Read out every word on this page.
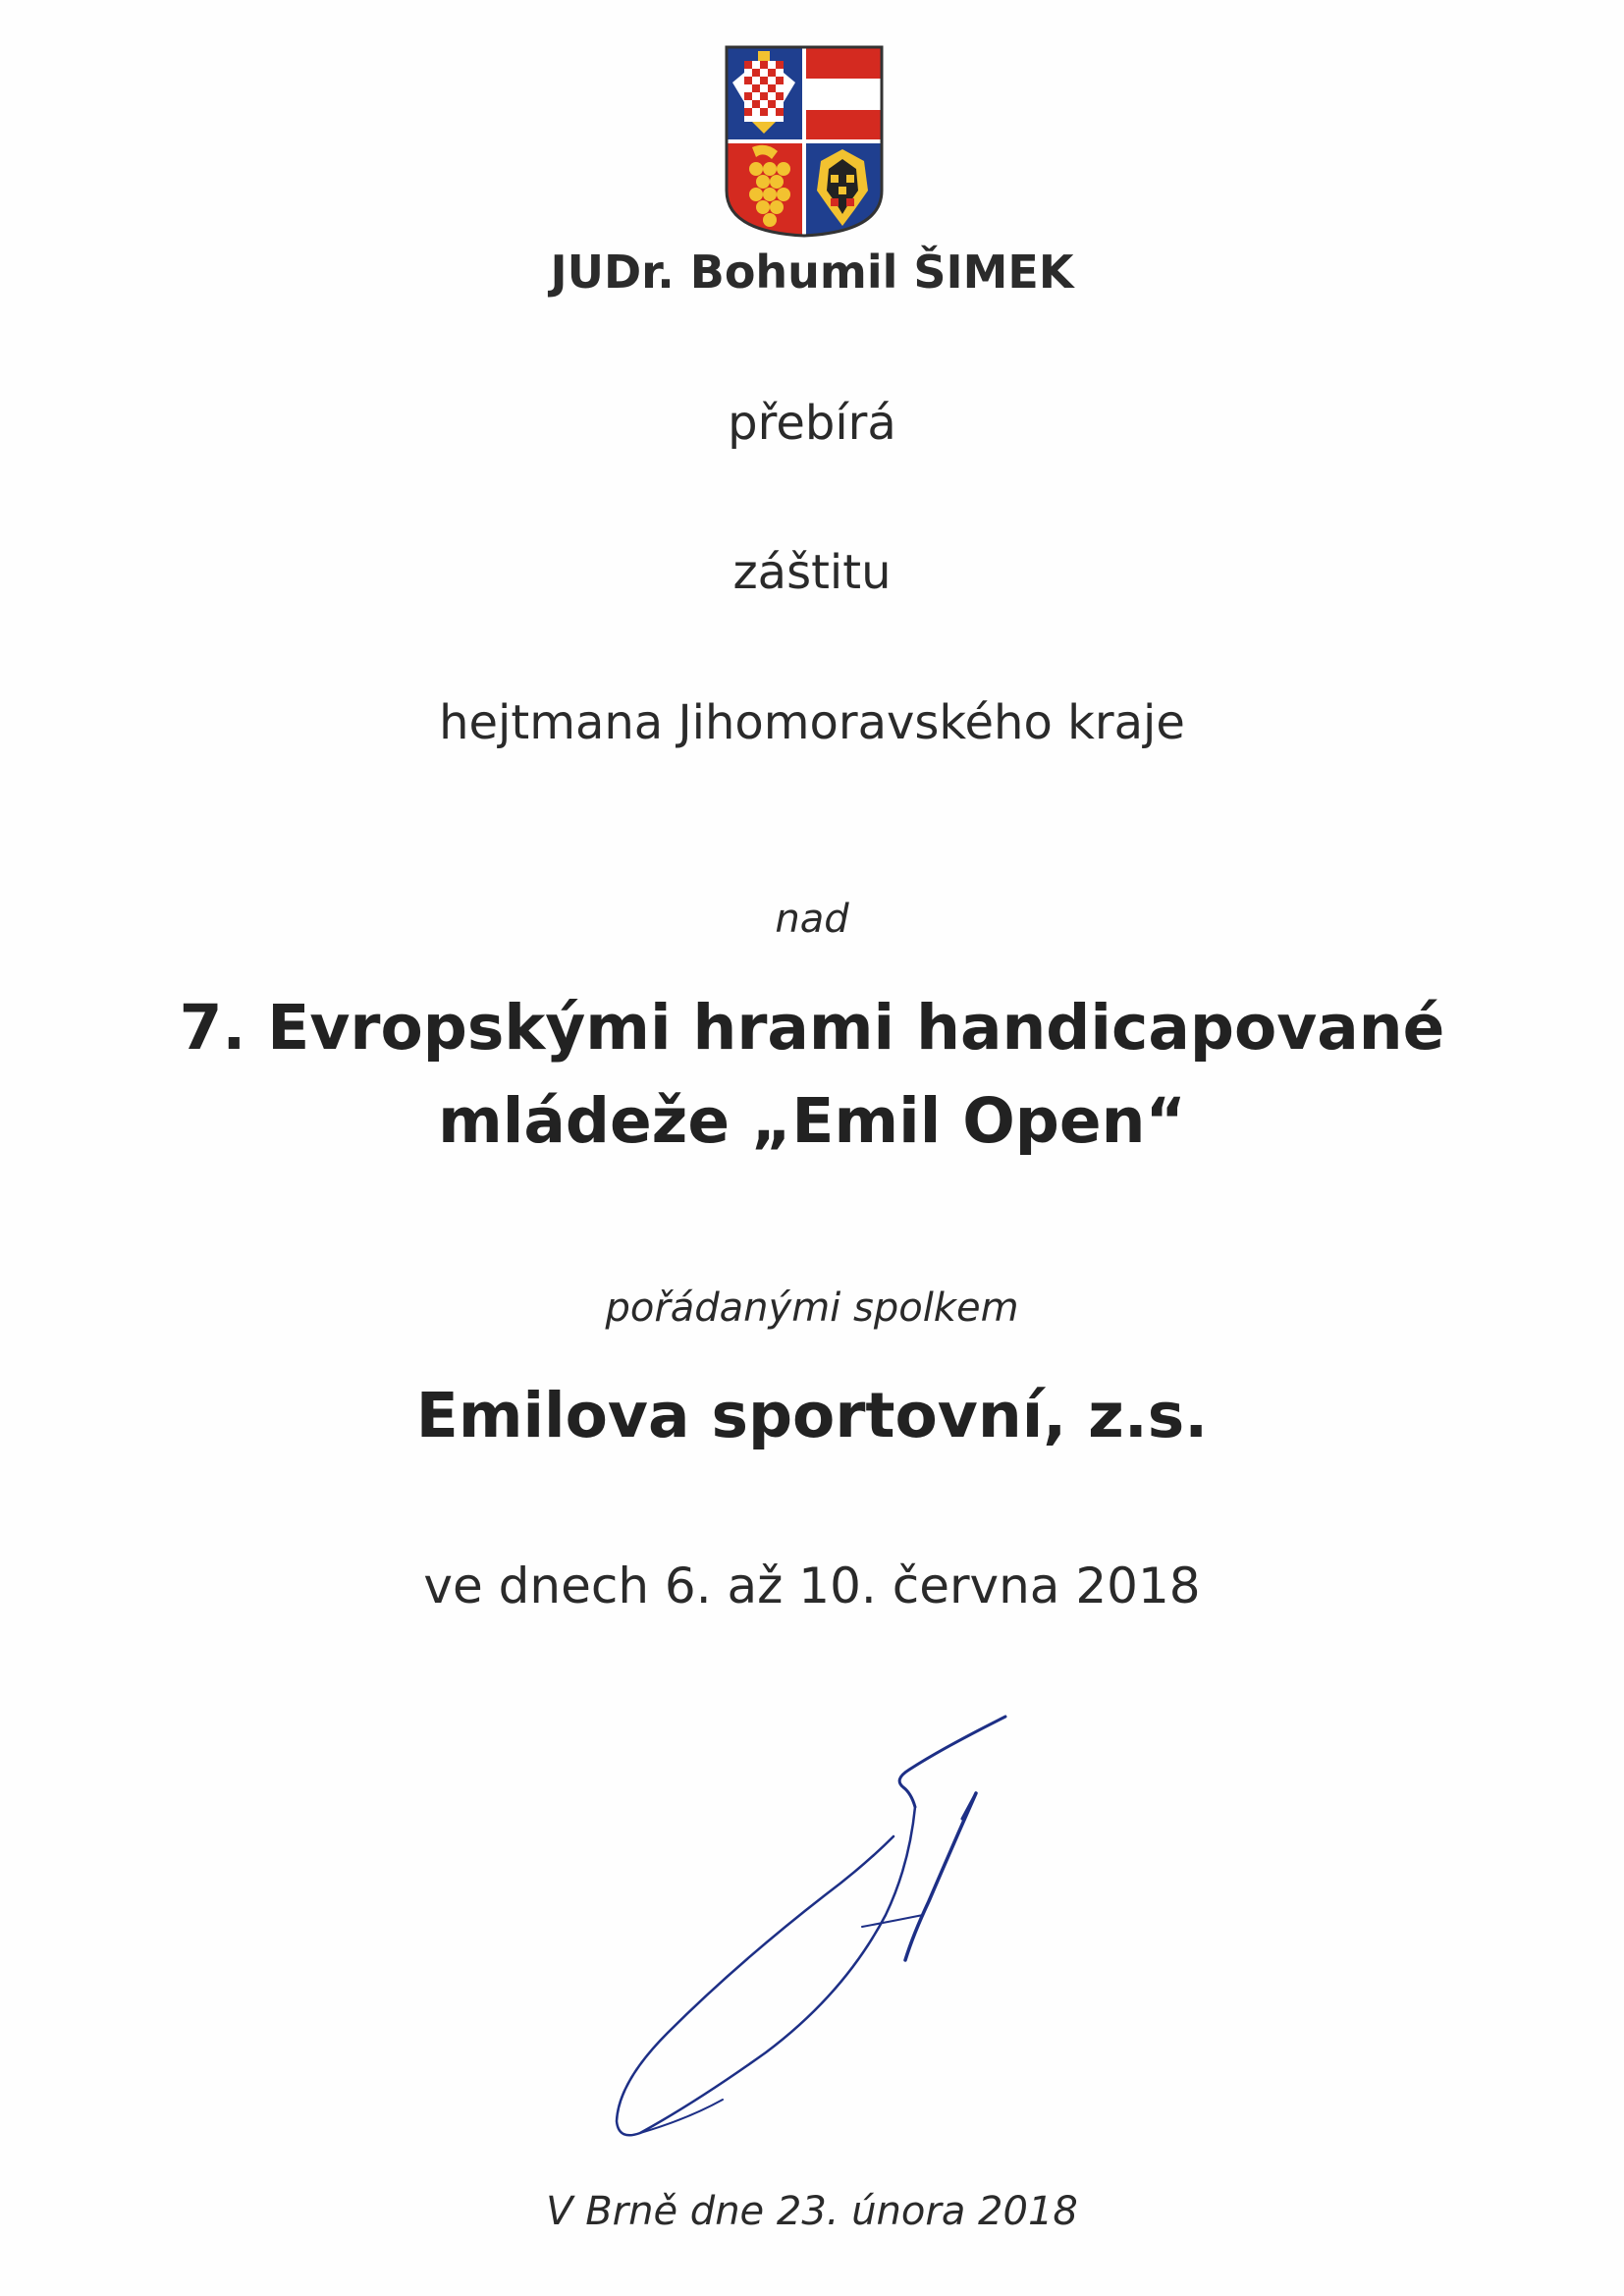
JUDr. Bohumil ŠIMEK
přebírá
záštitu
hejtmana Jihomoravského kraje
nad
7. Evropskými hrami handicapované
mládeže „Emil Open“
pořádanými spolkem
Emilova sportovní, z.s.
ve dnech 6. až 10. června 2018
V Brně dne 23. února 2018
